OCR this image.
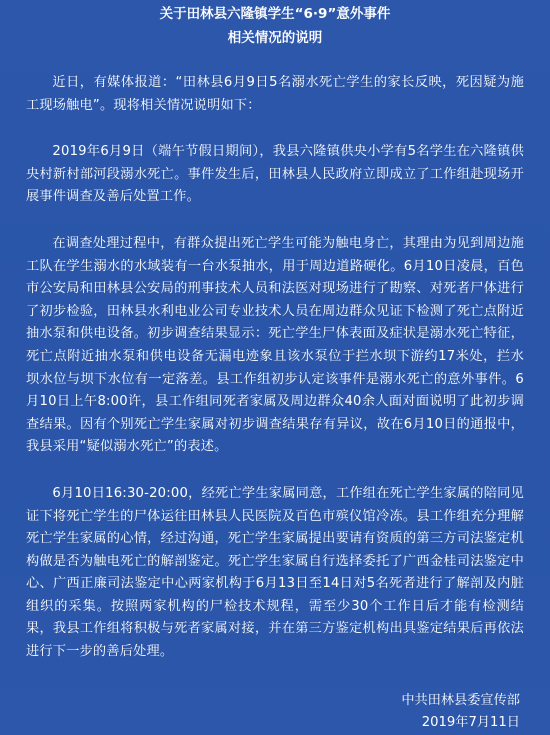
关于田林县六隆镇学生“6·9”意外事件
相关情况的说明

近日，有媒体报道：“田林县6月9日5名溺水死亡学生的家长反映，死因疑为施工现场触电”。现将相关情况说明如下：

2019年6月9日（端午节假日期间），我县六隆镇供央小学有5名学生在六隆镇供央村新村部河段溺水死亡。事件发生后，田林县人民政府立即成立了工作组赴现场开展事件调查及善后处置工作。

在调查处理过程中，有群众提出死亡学生可能为触电身亡，其理由为见到周边施工队在学生溺水的水域装有一台水泵抽水，用于周边道路硬化。6月10日凌晨，百色市公安局和田林县公安局的刑事技术人员和法医对现场进行了勘察、对死者尸体进行了初步检验，田林县水利电业公司专业技术人员在周边群众见证下检测了死亡点附近抽水泵和供电设备。初步调查结果显示：死亡学生尸体表面及症状是溺水死亡特征，死亡点附近抽水泵和供电设备无漏电迹象且该水泵位于拦水坝下游约17米处，拦水坝水位与坝下水位有一定落差。县工作组初步认定该事件是溺水死亡的意外事件。6月10日上午8:00许，县工作组同死者家属及周边群众40余人面对面说明了此初步调查结果。因有个别死亡学生家属对初步调查结果存有异议，故在6月10日的通报中，我县采用“疑似溺水死亡”的表述。

6月10日16:30-20:00，经死亡学生家属同意，工作组在死亡学生家属的陪同见证下将死亡学生的尸体运往田林县人民医院及百色市殡仪馆冷冻。县工作组充分理解死亡学生家属的心情，经过沟通，死亡学生家属提出要请有资质的第三方司法鉴定机构做是否为触电死亡的解剖鉴定。死亡学生家属自行选择委托了广西金桂司法鉴定中心、广西正廉司法鉴定中心两家机构于6月13日至14日对5名死者进行了解剖及内脏组织的采集。按照两家机构的尸检技术规程，需至少30个工作日后才能有检测结果，我县工作组将积极与死者家属对接，并在第三方鉴定机构出具鉴定结果后再依法进行下一步的善后处理。

中共田林县委宣传部

2019年7月11日
